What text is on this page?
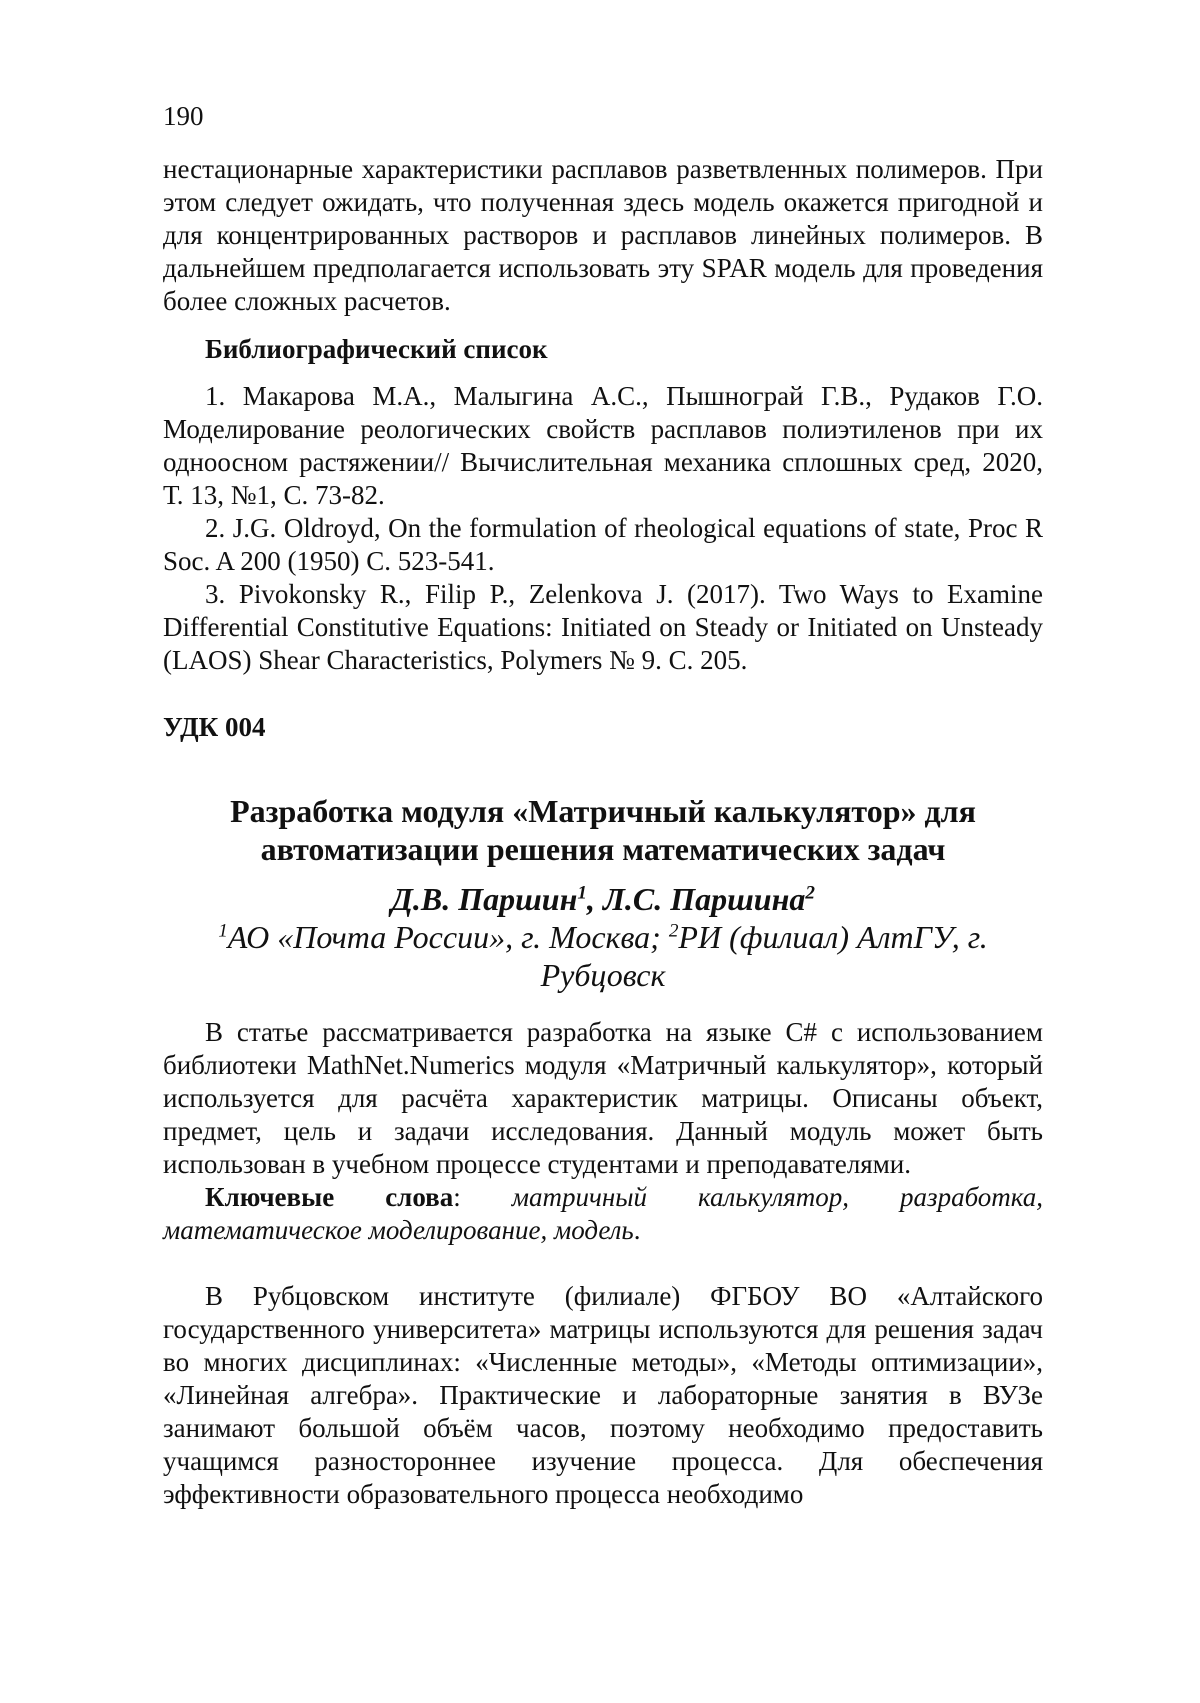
190

нестационарные характеристики расплавов разветвленных полимеров. При этом следует ожидать, что полученная здесь модель окажется пригодной и для концентрированных растворов и расплавов линейных полимеров. В дальнейшем предполагается использовать эту SPAR модель для проведения более сложных расчетов.

Библиографический список

1. Макарова М.А., Малыгина А.С., Пышнограй Г.В., Рудаков Г.О. Моделирование реологических свойств расплавов полиэтиленов при их одноосном растяжении// Вычислительная механика сплошных сред, 2020, Т. 13, №1, С. 73-82.

2. J.G. Oldroyd, On the formulation of rheological equations of state, Proc R Soc. A 200 (1950) С. 523-541.

3. Pivokonsky R., Filip P., Zelenkova J. (2017). Two Ways to Examine Differential Constitutive Equations: Initiated on Steady or Initiated on Unsteady (LAOS) Shear Characteristics, Polymers № 9. С. 205.

УДК 004
Разработка модуля «Матричный калькулятор» для
автоматизации решения математических задач
Д.В. Паршин1, Л.С. Паршина2
1АО «Почта России», г. Москва; 2РИ (филиал) АлтГУ, г. Рубцовск

В статье рассматривается разработка на языке C# с использованием библиотеки MathNet.Numerics модуля «Матричный калькулятор», который используется для расчёта характеристик матрицы. Описаны объект, предмет, цель и задачи исследования. Данный модуль может быть использован в учебном процессе студентами и преподавателями.

Ключевые слова: матричный калькулятор, разработка, математическое моделирование, модель.

В Рубцовском институте (филиале) ФГБОУ ВО «Алтайского государственного университета» матрицы используются для решения задач во многих дисциплинах: «Численные методы», «Методы оптимизации», «Линейная алгебра». Практические и лабораторные занятия в ВУЗе занимают большой объём часов, поэтому необходимо предоставить учащимся разностороннее изучение процесса. Для обеспечения эффективности образовательного процесса необходимо
